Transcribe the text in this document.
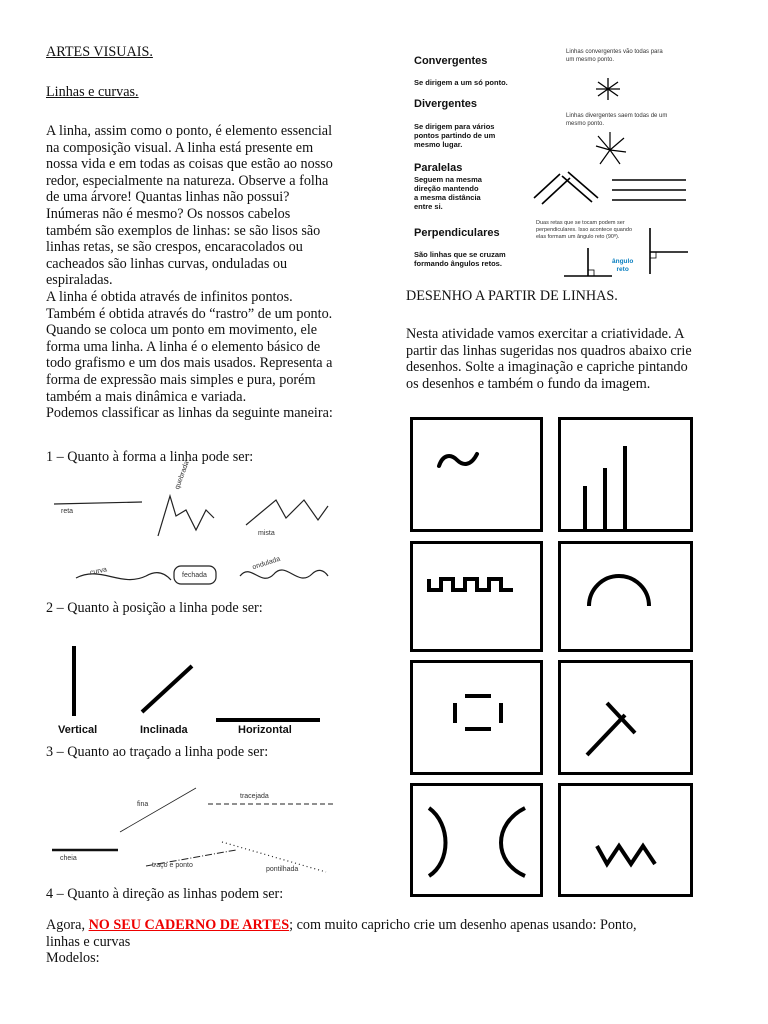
ARTES VISUAIS.
Linhas e curvas.

A linha, assim como o ponto, é elemento essencial

na composição visual. A linha está presente em

nossa vida e em todas as coisas que estão ao nosso

redor, especialmente na natureza. Observe a folha

de uma árvore! Quantas linhas não possui?

Inúmeras não é mesmo? Os nossos cabelos

também são exemplos de linhas: se são lisos são

linhas retas, se são crespos, encaracolados ou

cacheados são linhas curvas, onduladas ou

espiraladas.

A linha é obtida através de infinitos pontos.

Também é obtida através do “rastro” de um ponto.

Quando se coloca um ponto em movimento, ele

forma uma linha. A linha é o elemento básico de

todo grafismo e um dos mais usados. Representa a

forma de expressão mais simples e pura, porém

também a mais dinâmica e variada.

Podemos classificar as linhas da seguinte maneira:

1 – Quanto à forma a linha pode ser:
reta
quebrada
mista
curva	fechada
ondulada
2 – Quanto à posição a linha pode ser:
Vertical	Inclinada	Horizontal
3 – Quanto ao traçado a linha pode ser:
fina
tracejada
cheia
traço e ponto
pontilhada
4 – Quanto à direção as linhas podem ser:
Convergentes
Se dirigem a um só ponto.
Linhas convergentes vão todas para
um mesmo ponto.
Divergentes
Se dirigem para vários
pontos partindo de um
mesmo lugar.
Linhas divergentes saem todas de um
mesmo ponto.
Paralelas
Seguem na mesma
direção mantendo
a mesma distância
entre si.
Perpendiculares
São linhas que se cruzam
formando ângulos retos.
Duas retas que se tocam podem ser
perpendiculares. Isso acontece quando
elas formam um ângulo reto (90º).
ângulo
reto
DESENHO A PARTIR DE LINHAS.

Nesta atividade vamos exercitar a criatividade. A

partir das linhas sugeridas nos quadros abaixo crie

desenhos. Solte a imaginação e capriche pintando

os desenhos e também o fundo da imagem.

Agora, NO SEU CADERNO DE ARTES; com muito capricho crie um desenho apenas usando: Ponto,

linhas e curvas

Modelos:
